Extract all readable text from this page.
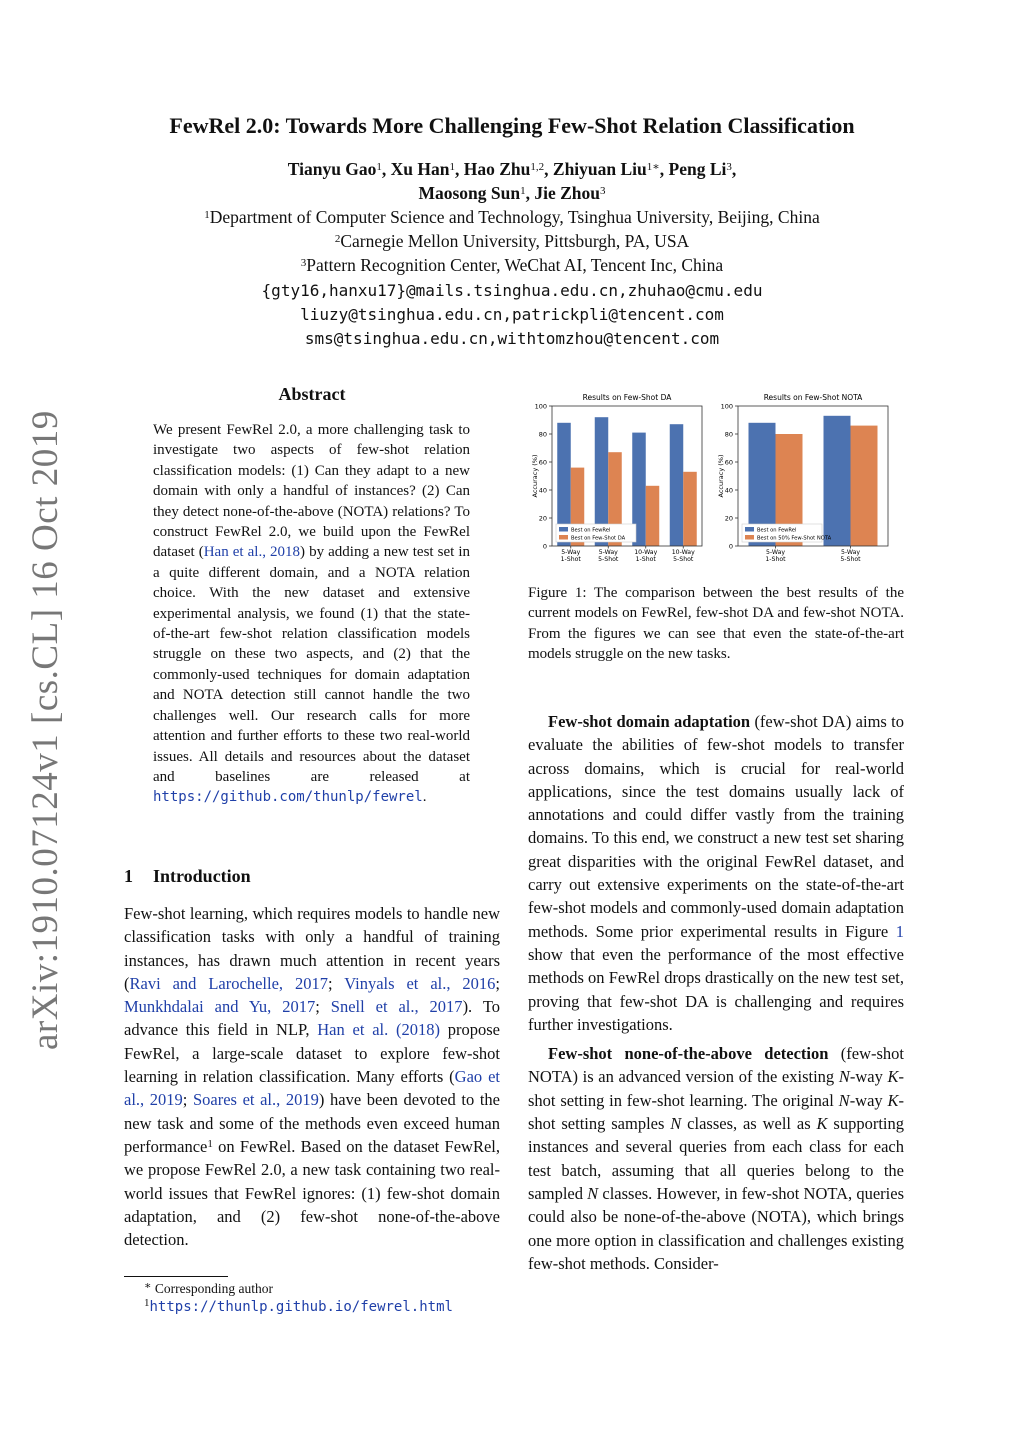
FewRel 2.0: Towards More Challenging Few-Shot Relation Classification
Tianyu Gao$^1$, Xu Han$^1$, Hao Zhu$^{1,2}$, Zhiyuan Liu$^{1∗}$, Peng Li$^3$,
Maosong Sun$^1$, Jie Zhou$^3$
$^1$Department of Computer Science and Technology, Tsinghua University, Beijing, China
$^2$Carnegie Mellon University, Pittsburgh, PA, USA
$^3$Pattern Recognition Center, WeChat AI, Tencent Inc, China
{gty16,hanxu17}@mails.tsinghua.edu.cn,zhuhao@cmu.edu
liuzy@tsinghua.edu.cn,patrickpli@tencent.com
sms@tsinghua.edu.cn,withtomzhou@tencent.com
arXiv:1910.07124v1 [cs.CL] 16 Oct 2019
Abstract

We present FewRel 2.0, a more challenging task to investigate two aspects of few-shot relation classification models: (1) Can they adapt to a new domain with only a handful of instances? (2) Can they detect none-of-the-above (NOTA) relations? To construct FewRel 2.0, we build upon the FewRel dataset (Han et al., 2018) by adding a new test set in a quite different domain, and a NOTA relation choice. With the new dataset and extensive experimental analysis, we found (1) that the state-of-the-art few-shot relation classification models struggle on these two aspects, and (2) that the commonly-used techniques for domain adaptation and NOTA detection still cannot handle the two challenges well. Our research calls for more attention and further efforts to these two real-world issues. All details and resources about the dataset and baselines are released at https://github.com/thunlp/fewrel.

1 Introduction

Few-shot learning, which requires models to handle new classification tasks with only a handful of training instances, has drawn much attention in recent years (Ravi and Larochelle, 2017; Vinyals et al., 2016; Munkhdalai and Yu, 2017; Snell et al., 2017). To advance this field in NLP, Han et al. (2018) propose FewRel, a large-scale dataset to explore few-shot learning in relation classification. Many efforts (Gao et al., 2019; Soares et al., 2019) have been devoted to the new task and some of the methods even exceed human performance$^1$ on FewRel. Based on the dataset FewRel, we propose FewRel 2.0, a new task containing two real-world issues that FewRel ignores: (1) few-shot domain adaptation, and (2) few-shot none-of-the-above detection.

∗ Corresponding author
$^1$https://thunlp.github.io/fewrel.html
Results on Few-Shot DA
Accuracy (%)
0
20
40
60
80
100
5-Way
1-Shot
5-Way
5-Shot
10-Way
1-Shot
10-Way
5-Shot
Best on FewRel
Best on Few-Shot DA
Results on Few-Shot NOTA
Accuracy (%)
0
20
40
60
80
100
5-Way
1-Shot
5-Way
5-Shot
Best on FewRel
Best on 50% Few-Shot NOTA
Figure 1: The comparison between the best results of the current models on FewRel, few-shot DA and few-shot NOTA. From the figures we can see that even the state-of-the-art models struggle on the new tasks.

Few-shot domain adaptation (few-shot DA) aims to evaluate the abilities of few-shot models to transfer across domains, which is crucial for real-world applications, since the test domains usually lack of annotations and could differ vastly from the training domains. To this end, we construct a new test set sharing great disparities with the original FewRel dataset, and carry out extensive experiments on the state-of-the-art few-shot models and commonly-used domain adaptation methods. Some prior experimental results in Figure 1 show that even the performance of the most effective methods on FewRel drops drastically on the new test set, proving that few-shot DA is challenging and requires further investigations.

Few-shot none-of-the-above detection (few-shot NOTA) is an advanced version of the existing N-way K-shot setting in few-shot learning. The original N-way K-shot setting samples N classes, as well as K supporting instances and several queries from each class for each test batch, assuming that all queries belong to the sampled N classes. However, in few-shot NOTA, queries could also be none-of-the-above (NOTA), which brings one more option in classification and challenges existing few-shot methods. Consider-
